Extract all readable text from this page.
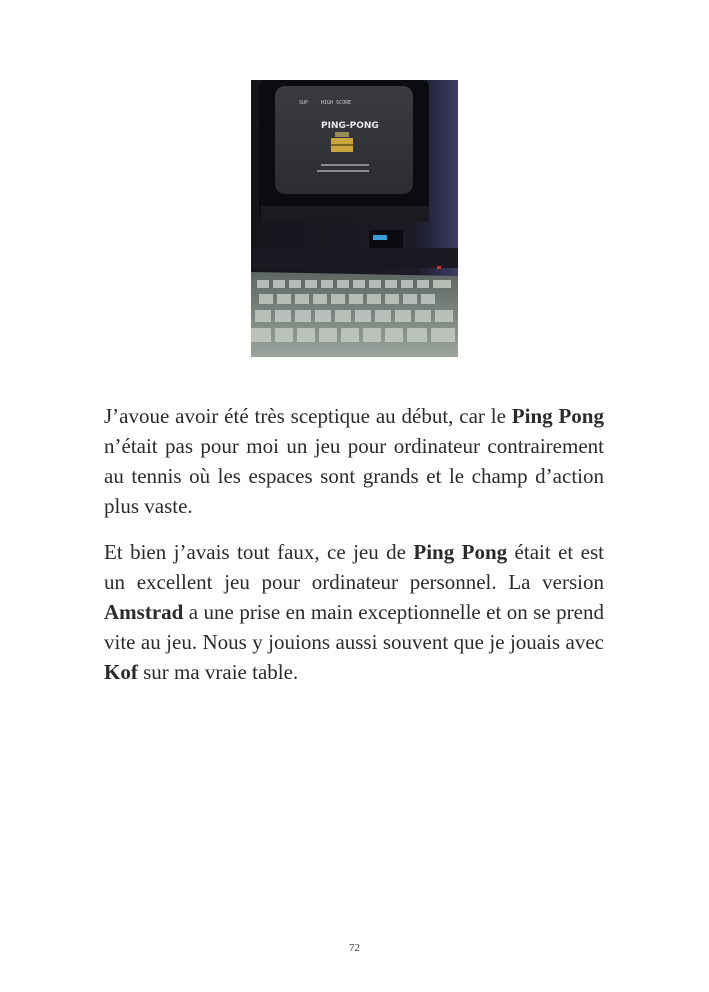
SUP	HIGH SCORE
PING-PONG

J’avoue avoir été très sceptique au début, car le Ping Pong n’était pas pour moi un jeu pour ordinateur contrairement au tennis où les espaces sont grands et le champ d’action plus vaste.

Et bien j’avais tout faux, ce jeu de Ping Pong était et est un excellent jeu pour ordinateur personnel. La version Amstrad a une prise en main exceptionnelle et on se prend vite au jeu. Nous y jouions aussi souvent que je jouais avec Kof sur ma vraie table.

72
